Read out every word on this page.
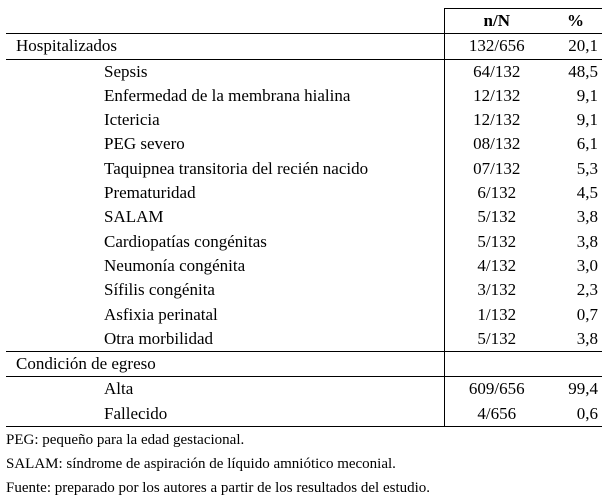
	n/N	%
Hospitalizados	132/656	20,1
Sepsis	64/132	48,5
Enfermedad de la membrana hialina	12/132	9,1
Ictericia	12/132	9,1
PEG severo	08/132	6,1
Taquipnea transitoria del recién nacido	07/132	5,3
Prematuridad	6/132	4,5
SALAM	5/132	3,8
Cardiopatías congénitas	5/132	3,8
Neumonía congénita	4/132	3,0
Sífilis congénita	3/132	2,3
Asfixia perinatal	1/132	0,7
Otra morbilidad	5/132	3,8
Condición de egreso		
Alta	609/656	99,4
Fallecido	4/656	0,6
PEG: pequeño para la edad gestacional.
SALAM: síndrome de aspiración de líquido amniótico meconial.
Fuente: preparado por los autores a partir de los resultados del estudio.
